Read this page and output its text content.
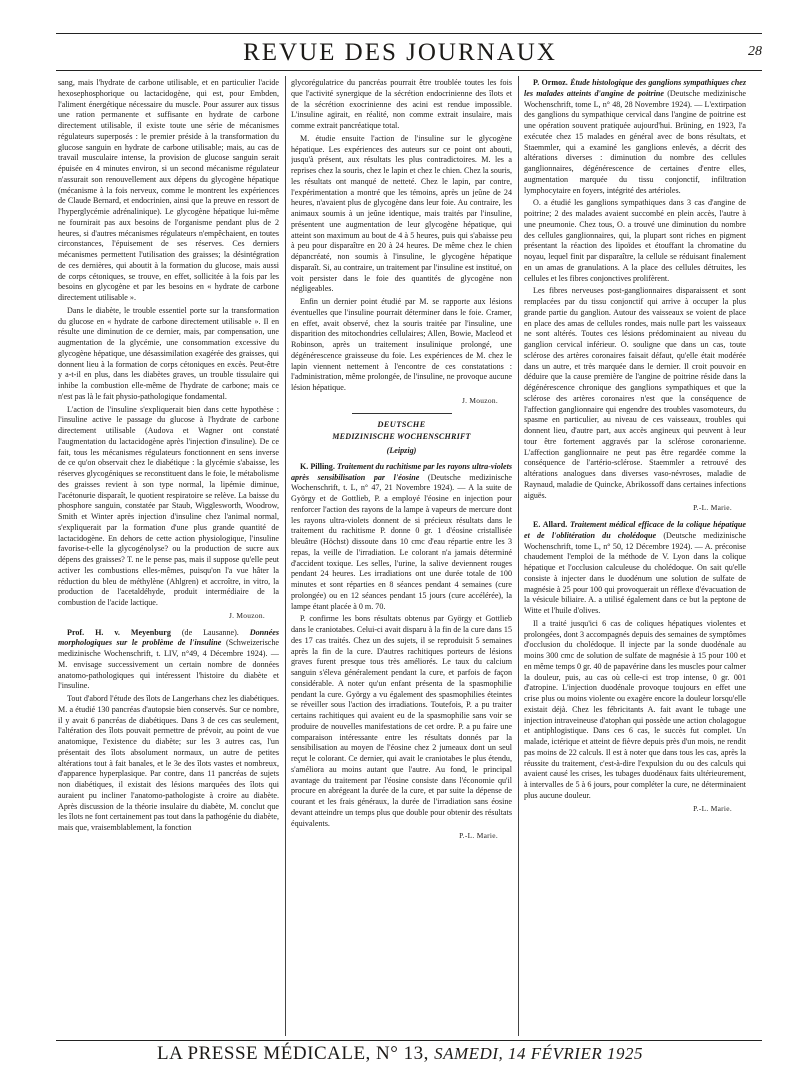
REVUE DES JOURNAUX	28

sang, mais l'hydrate de carbone utilisable, et en particulier l'acide hexosephosphorique ou lactacidogène, qui est, pour Embden, l'aliment énergétique nécessaire du muscle. Pour assurer aux tissus une ration permanente et suffisante en hydrate de carbone directement utilisable, il existe toute une série de mécanismes régulateurs superposés : le premier préside à la transformation du glucose sanguin en hydrate de carbone utilisable; mais, au cas de travail musculaire intense, la provision de glucose sanguin serait épuisée en 4 minutes environ, si un second mécanisme régulateur n'assurait son renouvellement aux dépens du glycogène hépatique (mécanisme à la fois nerveux, comme le montrent les expériences de Claude Bernard, et endocrinien, ainsi que la preuve en ressort de l'hyperglycémie adrénalinique). Le glycogène hépatique lui-même ne fournirait pas aux besoins de l'organisme pendant plus de 2 heures, si d'autres mécanismes régulateurs n'empêchaient, en toutes circonstances, l'épuisement de ses réserves. Ces derniers mécanismes permettent l'utilisation des graisses; la désintégration de ces dernières, qui aboutit à la formation du glucose, mais aussi de corps cétoniques, se trouve, en effet, sollicitée à la fois par les besoins en glycogène et par les besoins en « hydrate de carbone directement utilisable ».

Dans le diabète, le trouble essentiel porte sur la transformation du glucose en « hydrate de carbone directement utilisable ». Il en résulte une diminution de ce dernier, mais, par compensation, une augmentation de la glycémie, une consommation excessive du glycogène hépatique, une désassimilation exagérée des graisses, qui donnent lieu à la formation de corps cétoniques en excès. Peut-être y a-t-il en plus, dans les diabètes graves, un trouble tissulaire qui inhibe la combustion elle-même de l'hydrate de carbone; mais ce n'est pas là le fait physio-pathologique fondamental.

L'action de l'insuline s'expliquerait bien dans cette hypothèse : l'insuline active le passage du glucose à l'hydrate de carbone directement utilisable (Audova et Wagner ont constaté l'augmentation du lactacidogène après l'injection d'insuline). De ce fait, tous les mécanismes régulateurs fonctionnent en sens inverse de ce qu'on observait chez le diabétique : la glycémie s'abaisse, les réserves glycogéniques se reconstituent dans le foie, le métabolisme des graisses revient à son type normal, la lipémie diminue, l'acétonurie disparaît, le quotient respiratoire se relève. La baisse du phosphore sanguin, constatée par Staub, Wigglesworth, Woodrow, Smith et Winter après injection d'insuline chez l'animal normal, s'expliquerait par la formation d'une plus grande quantité de lactacidogène. En dehors de cette action physiologique, l'insuline favorise-t-elle la glycogénolyse? ou la production de sucre aux dépens des graisses? T. ne le pense pas, mais il suppose qu'elle peut activer les combustions elles-mêmes, puisqu'on l'a vue hâter la réduction du bleu de méthylène (Ahlgren) et accroître, in vitro, la production de l'acetaldéhyde, produit intermédiaire de la combustion de l'acide lactique.

J. Mouzon.

Prof. H. v. Meyenburg (de Lausanne). Données morphologiques sur le problème de l'insuline (Schweizerische medizinische Wochenschrift, t. LIV, n°49, 4 Décembre 1924). — M. envisage successivement un certain nombre de données anatomo-pathologiques qui intéressent l'histoire du diabète et l'insuline.

Tout d'abord l'étude des îlots de Langerhans chez les diabétiques. M. a étudié 130 pancréas d'autopsie bien conservés. Sur ce nombre, il y avait 6 pancréas de diabétiques. Dans 3 de ces cas seulement, l'altération des îlots pouvait permettre de prévoir, au point de vue anatomique, l'existence du diabète; sur les 3 autres cas, l'un présentait des îlots absolument normaux, un autre de petites altérations tout à fait banales, et le 3e des îlots vastes et nombreux, d'apparence hyperplasique. Par contre, dans 11 pancréas de sujets non diabétiques, il existait des lésions marquées des îlots qui auraient pu incliner l'anatomo-pathologiste à croire au diabète. Après discussion de la théorie insulaire du diabète, M. conclut que les îlots ne font certainement pas tout dans la pathogénie du diabète, mais que, vraisemblablement, la fonction

glycorégulatrice du pancréas pourrait être troublée toutes les fois que l'activité synergique de la sécrétion endocrinienne des îlots et de la sécrétion exocrinienne des acini est rendue impossible. L'insuline agirait, en réalité, non comme extrait insulaire, mais comme extrait pancréatique total.

M. étudie ensuite l'action de l'insuline sur le glycogène hépatique. Les expériences des auteurs sur ce point ont abouti, jusqu'à présent, aux résultats les plus contradictoires. M. les a reprises chez la souris, chez le lapin et chez le chien. Chez la souris, les résultats ont manqué de netteté. Chez le lapin, par contre, l'expérimentation a montré que les témoins, après un jeûne de 24 heures, n'avaient plus de glycogène dans leur foie. Au contraire, les animaux soumis à un jeûne identique, mais traités par l'insuline, présentent une augmentation de leur glycogène hépatique, qui atteint son maximum au bout de 4 à 5 heures, puis qui s'abaisse peu à peu pour disparaître en 20 à 24 heures. De même chez le chien dépancréaté, non soumis à l'insuline, le glycogène hépatique disparaît. Si, au contraire, un traitement par l'insuline est institué, on voit persister dans le foie des quantités de glycogène non négligeables.

Enfin un dernier point étudié par M. se rapporte aux lésions éventuelles que l'insuline pourrait déterminer dans le foie. Cramer, en effet, avait observé, chez la souris traitée par l'insuline, une disparition des mitochondries cellulaires; Allen, Bowie, Macleod et Robinson, après un traitement insulinique prolongé, une dégénérescence graisseuse du foie. Les expériences de M. chez le lapin viennent nettement à l'encontre de ces constatations : l'administration, même prolongée, de l'insuline, ne provoque aucune lésion hépatique.

J. Mouzon.

DEUTSCHE
MEDIZINISCHE WOCHENSCHRIFT
(Leipzig)

K. Pilling. Traitement du rachitisme par les rayons ultra-violets après sensibilisation par l'éosine (Deutsche medizinische Wochenschrift, t. L, n° 47, 21 Novembre 1924). — A la suite de Györgу et de Gottlieb, P. a employé l'éosine en injection pour renforcer l'action des rayons de la lampe à vapeurs de mercure dont les rayons ultra-violets donnent de si précieux résultats dans le traitement du rachitisme P. donne 0 gr. 1 d'éosine cristallisée bleuâtre (Höchst) dissoute dans 10 cmc d'eau répartie entre les 3 repas, la veille de l'irradiation. Le colorant n'a jamais déterminé d'accident toxique. Les selles, l'urine, la salive deviennent rouges pendant 24 heures. Les irradiations ont une durée totale de 100 minutes et sont réparties en 8 séances pendant 4 semaines (cure prolongée) ou en 12 séances pendant 15 jours (cure accélérée), la lampe étant placée à 0 m. 70.

P. confirme les bons résultats obtenus par Györgу et Gottlieb dans le craniotabes. Celui-ci avait disparu à la fin de la cure dans 15 des 17 cas traités. Chez un des sujets, il se reproduisit 5 semaines après la fin de la cure. D'autres rachitiques porteurs de lésions graves furent presque tous très améliorés. Le taux du calcium sanguin s'éleva généralement pendant la cure, et parfois de façon considérable. A noter qu'un enfant présenta de la spasmophilie pendant la cure. Györgу a vu également des spasmophilies éteintes se réveiller sous l'action des irradiations. Toutefois, P. a pu traiter certains rachitiques qui avaient eu de la spasmophilie sans voir se produire de nouvelles manifestations de cet ordre. P. a pu faire une comparaison intéressante entre les résultats donnés par la sensibilisation au moyen de l'éosine chez 2 jumeaux dont un seul reçut le colorant. Ce dernier, qui avait le craniotabes le plus étendu, s'améliora au moins autant que l'autre. Au fond, le principal avantage du traitement par l'éosine consiste dans l'économie qu'il procure en abrégeant la durée de la cure, et par suite la dépense de courant et les frais généraux, la durée de l'irradiation sans éosine devant atteindre un temps plus que double pour obtenir des résultats équivalents.

P.-L. Marie.

P. Ormoz. Étude histologique des ganglions sympathiques chez les malades atteints d'angine de poitrine (Deutsche medizinische Wochenschrift, tome L, n° 48, 28 Novembre 1924). — L'extirpation des ganglions du sympathique cervical dans l'angine de poitrine est une opération souvent pratiquée aujourd'hui. Brüning, en 1923, l'a exécutée chez 15 malades en général avec de bons résultats, et Staemmler, qui a examiné les ganglions enlevés, a décrit des altérations diverses : diminution du nombre des cellules ganglionnaires, dégénérescence de certaines d'entre elles, augmentation marquée du tissu conjonctif, infiltration lymphocytaire en foyers, intégrité des artérioles.

O. a étudié les ganglions sympathiques dans 3 cas d'angine de poitrine; 2 des malades avaient succombé en plein accès, l'autre à une pneumonie. Chez tous, O. a trouvé une diminution du nombre des cellules ganglionnaires, qui, la plupart sont riches en pigment présentant la réaction des lipoïdes et étouffant la chromatine du noyau, lequel finit par disparaître, la cellule se réduisant finalement en un amas de granulations. A la place des cellules détruites, les cellules et les fibres conjonctives prolifèrent.

Les fibres nerveuses post-ganglionnaires disparaissent et sont remplacées par du tissu conjonctif qui arrive à occuper la plus grande partie du ganglion. Autour des vaisseaux se voient de place en place des amas de cellules rondes, mais nulle part les vaisseaux ne sont altérés. Toutes ces lésions prédominaient au niveau du ganglion cervical inférieur. O. souligne que dans un cas, toute sclérose des artères coronaires faisait défaut, qu'elle était modérée dans un autre, et très marquée dans le dernier. Il croit pouvoir en déduire que la cause première de l'angine de poitrine réside dans la dégénérescence chronique des ganglions sympathiques et que la sclérose des artères coronaires n'est que la conséquence de l'affection ganglionnaire qui engendre des troubles vasomoteurs, du spasme en particulier, au niveau de ces vaisseaux, troubles qui donnent lieu, d'autre part, aux accès angineux qui peuvent à leur tour être fortement aggravés par la sclérose coronarienne. L'affection ganglionnaire ne peut pas être regardée comme la conséquence de l'artério-sclérose. Staemmler a retrouvé des altérations analogues dans diverses vaso-névroses, maladie de Raynaud, maladie de Quincke, Abrikossoff dans certaines infections aiguës.

P.-L. Marie.

E. Allard. Traitement médical efficace de la colique hépatique et de l'oblitération du cholédoque (Deutsche medizinische Wochenschrift, tome L, n° 50, 12 Décembre 1924). — A. préconise chaudement l'emploi de la méthode de V. Lyon dans la colique hépatique et l'occlusion calculeuse du cholédoque. On sait qu'elle consiste à injecter dans le duodénum une solution de sulfate de magnésie à 25 pour 100 qui provoquerait un réflexe d'évacuation de la vésicule biliaire. A. a utilisé également dans ce but la peptone de Witte et l'huile d'olives.

Il a traité jusqu'ici 6 cas de coliques hépatiques violentes et prolongées, dont 3 accompagnés depuis des semaines de symptômes d'occlusion du cholédoque. Il injecte par la sonde duodénale au moins 300 cmc de solution de sulfate de magnésie à 15 pour 100 et en même temps 0 gr. 40 de papavérine dans les muscles pour calmer la douleur, puis, au cas où celle-ci est trop intense, 0 gr. 001 d'atropine. L'injection duodénale provoque toujours en effet une crise plus ou moins violente ou exagère encore la douleur lorsqu'elle existait déjà. Chez les fébricitants A. fait avant le tubage une injection intraveineuse d'atophan qui possède une action cholagogue et antiphlogistique. Dans ces 6 cas, le succès fut complet. Un malade, ictérique et atteint de fièvre depuis près d'un mois, ne rendit pas moins de 22 calculs. Il est à noter que dans tous les cas, après la réussite du traitement, c'est-à-dire l'expulsion du ou des calculs qui avaient causé les crises, les tubages duodénaux faits ultérieurement, à intervalles de 5 à 6 jours, pour compléter la cure, ne déterminaient plus aucune douleur.

P.-L. Marie.

LA PRESSE MÉDICALE, N° 13, SAMEDI, 14 FÉVRIER 1925
